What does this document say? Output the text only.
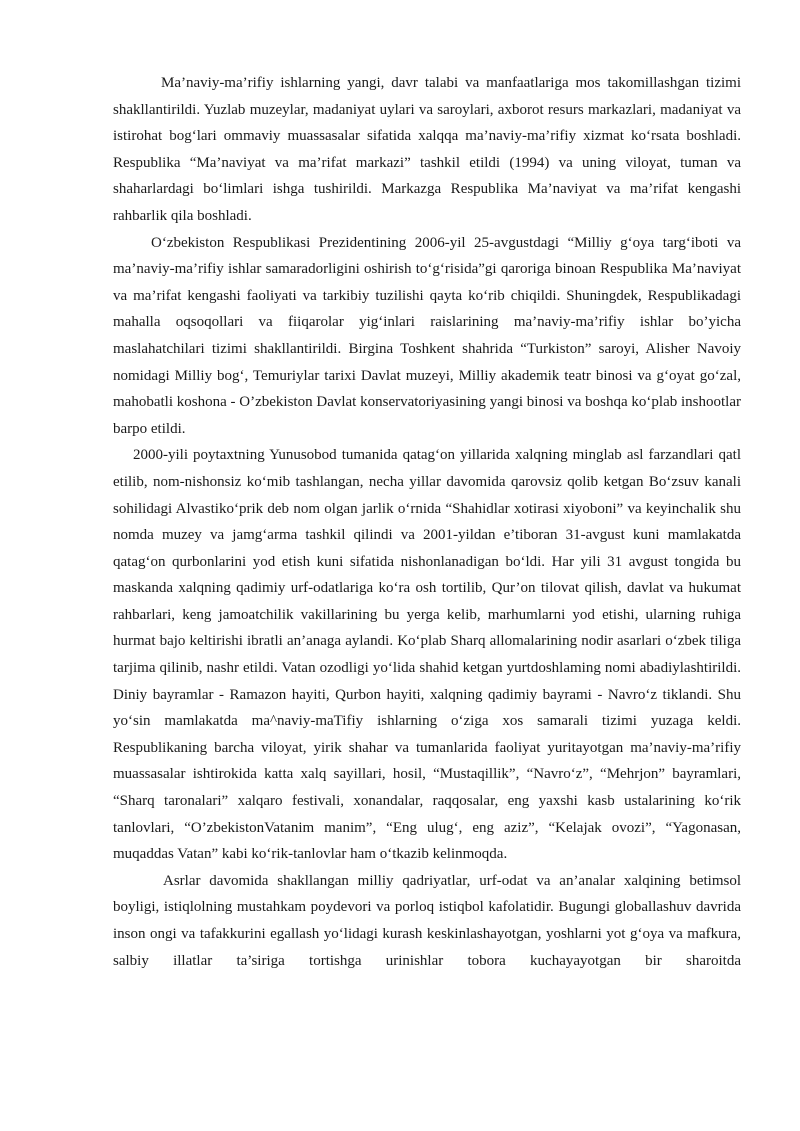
Ma’naviy-ma’rifiy ishlarning yangi, davr talabi va manfaatlariga mos takomillashgan tizimi shakllantirildi. Yuzlab muzeylar, madaniyat uylari va saroylari, axborot resurs markazlari, madaniyat va istirohat bog‘lari ommaviy muassasalar sifatida xalqqa ma’naviy-ma’rifiy xizmat ko‘rsata boshladi. Respublika “Ma’naviyat va ma’rifat markazi” tashkil etildi (1994) va uning viloyat, tuman va shaharlardagi bo‘limlari ishga tushirildi. Markazga Respublika Ma’naviyat va ma’rifat kengashi rahbarlik qila boshladi.

O‘zbekiston Respublikasi Prezidentining 2006-yil 25-avgustdagi “Milliy g‘oya targ‘iboti va ma’naviy-ma’rifiy ishlar samaradorligini oshirish to‘g‘risida”gi qaroriga binoan Respublika Ma’naviyat va ma’rifat kengashi faoliyati va tarkibiy tuzilishi qayta ko‘rib chiqildi. Shuningdek, Respublikadagi mahalla oqsoqollari va fiiqarolar yig‘inlari raislarining ma’naviy-ma’rifiy ishlar bo’yicha maslahatchilari tizimi shakllantirildi. Birgina Toshkent shahrida “Turkiston” saroyi, Alisher Navoiy nomidagi Milliy bog‘, Temuriylar tarixi Davlat muzeyi, Milliy akademik teatr binosi va g‘oyat go‘zal, mahobatli koshona - O’zbekiston Davlat konservatoriyasining yangi binosi va boshqa ko‘plab inshootlar barpo etildi.

2000-yili poytaxtning Yunusobod tumanida qatag‘on yillarida xalqning minglab asl farzandlari qatl etilib, nom-nishonsiz ko‘mib tashlangan, necha yillar davomida qarovsiz qolib ketgan Bo‘zsuv kanali sohilidagi Alvastiko‘prik deb nom olgan jarlik o‘rnida “Shahidlar xotirasi xiyoboni” va keyinchalik shu nomda muzey va jamg‘arma tashkil qilindi va 2001-yildan e’tiboran 31-avgust kuni mamlakatda qatag‘on qurbonlarini yod etish kuni sifatida nishonlanadigan bo‘ldi. Har yili 31 avgust tongida bu maskanda xalqning qadimiy urf-odatlariga ko‘ra osh tortilib, Qur’on tilovat qilish, davlat va hukumat rahbarlari, keng jamoatchilik vakillarining bu yerga kelib, marhumlarni yod etishi, ularning ruhiga hurmat bajo keltirishi ibratli an’anaga aylandi. Ko‘plab Sharq allomalarining nodir asarlari o‘zbek tiliga tarjima qilinib, nashr etildi. Vatan ozodligi yo‘lida shahid ketgan yurtdoshlaming nomi abadiylashtirildi. Diniy bayramlar - Ramazon hayiti, Qurbon hayiti, xalqning qadimiy bayrami - Navro‘z tiklandi. Shu yo‘sin mamlakatda ma^naviy-maTifiy ishlarning o‘ziga xos samarali tizimi yuzaga keldi. Respublikaning barcha viloyat, yirik shahar va tumanlarida faoliyat yuritayotgan ma’naviy-ma’rifiy muassasalar ishtirokida katta xalq sayillari, hosil, “Mustaqillik”, “Navro‘z”, “Mehrjon” bayramlari, “Sharq taronalari” xalqaro festivali, xonandalar, raqqosalar, eng yaxshi kasb ustalarining ko‘rik tanlovlari, “O’zbekistonVatanim manim”, “Eng ulug‘, eng aziz”, “Kelajak ovozi”, “Yagonasan, muqaddas Vatan” kabi ko‘rik-tanlovlar ham o‘tkazib kelinmoqda.

Asrlar davomida shakllangan milliy qadriyatlar, urf-odat va an’analar xalqining betimsol boyligi, istiqlolning mustahkam poydevori va porloq istiqbol kafolatidir. Bugungi globallashuv davrida inson ongi va tafakkurini egallash yo‘lidagi kurash keskinlashayotgan, yoshlarni yot g‘oya va mafkura, salbiy illatlar ta’siriga tortishga urinishlar tobora kuchayayotgan bir sharoitda
